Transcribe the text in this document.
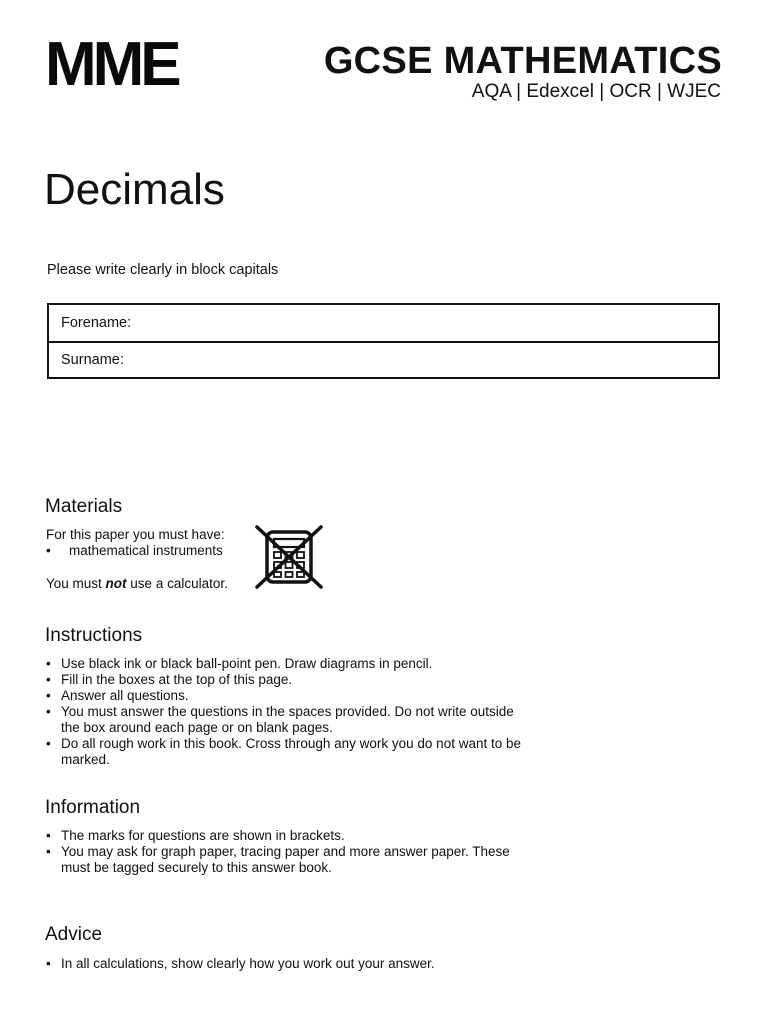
MME	GCSE MATHEMATICS
AQA | Edexcel | OCR | WJEC
Decimals
Please write clearly in block capitals
Forename:
Surname:
Materials
For this paper you must have:
• mathematical instruments
You must not use a calculator.
Instructions
• Use black ink or black ball-point pen. Draw diagrams in pencil.
• Fill in the boxes at the top of this page.
• Answer all questions.
• You must answer the questions in the spaces provided. Do not write outside the box around each page or on blank pages.
• Do all rough work in this book. Cross through any work you do not want to be marked.
Information
• The marks for questions are shown in brackets.
• You may ask for graph paper, tracing paper and more answer paper. These must be tagged securely to this answer book.
Advice
• In all calculations, show clearly how you work out your answer.
